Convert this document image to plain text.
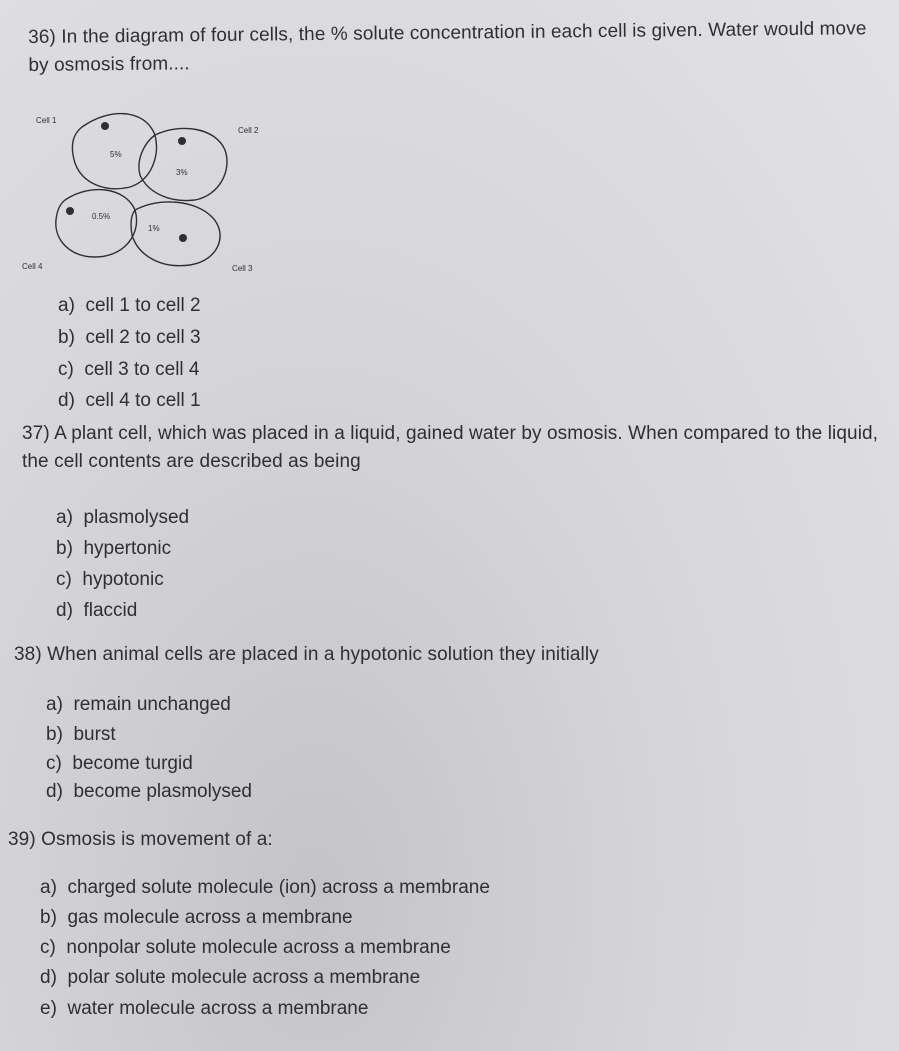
36) In the diagram of four cells, the % solute concentration in each cell is given. Water would move by osmosis from....
5%
3%
0.5%
1%
Cell 1
Cell 2
Cell 4	Cell 3
a) cell 1 to cell 2
b) cell 2 to cell 3
c) cell 3 to cell 4
d) cell 4 to cell 1
37) A plant cell, which was placed in a liquid, gained water by osmosis. When compared to the liquid, the cell contents are described as being
a) plasmolysed
b) hypertonic
c) hypotonic
d) flaccid
38) When animal cells are placed in a hypotonic solution they initially
a) remain unchanged
b) burst
c) become turgid
d) become plasmolysed
39) Osmosis is movement of a:
a) charged solute molecule (ion) across a membrane
b) gas molecule across a membrane
c) nonpolar solute molecule across a membrane
d) polar solute molecule across a membrane
e) water molecule across a membrane
